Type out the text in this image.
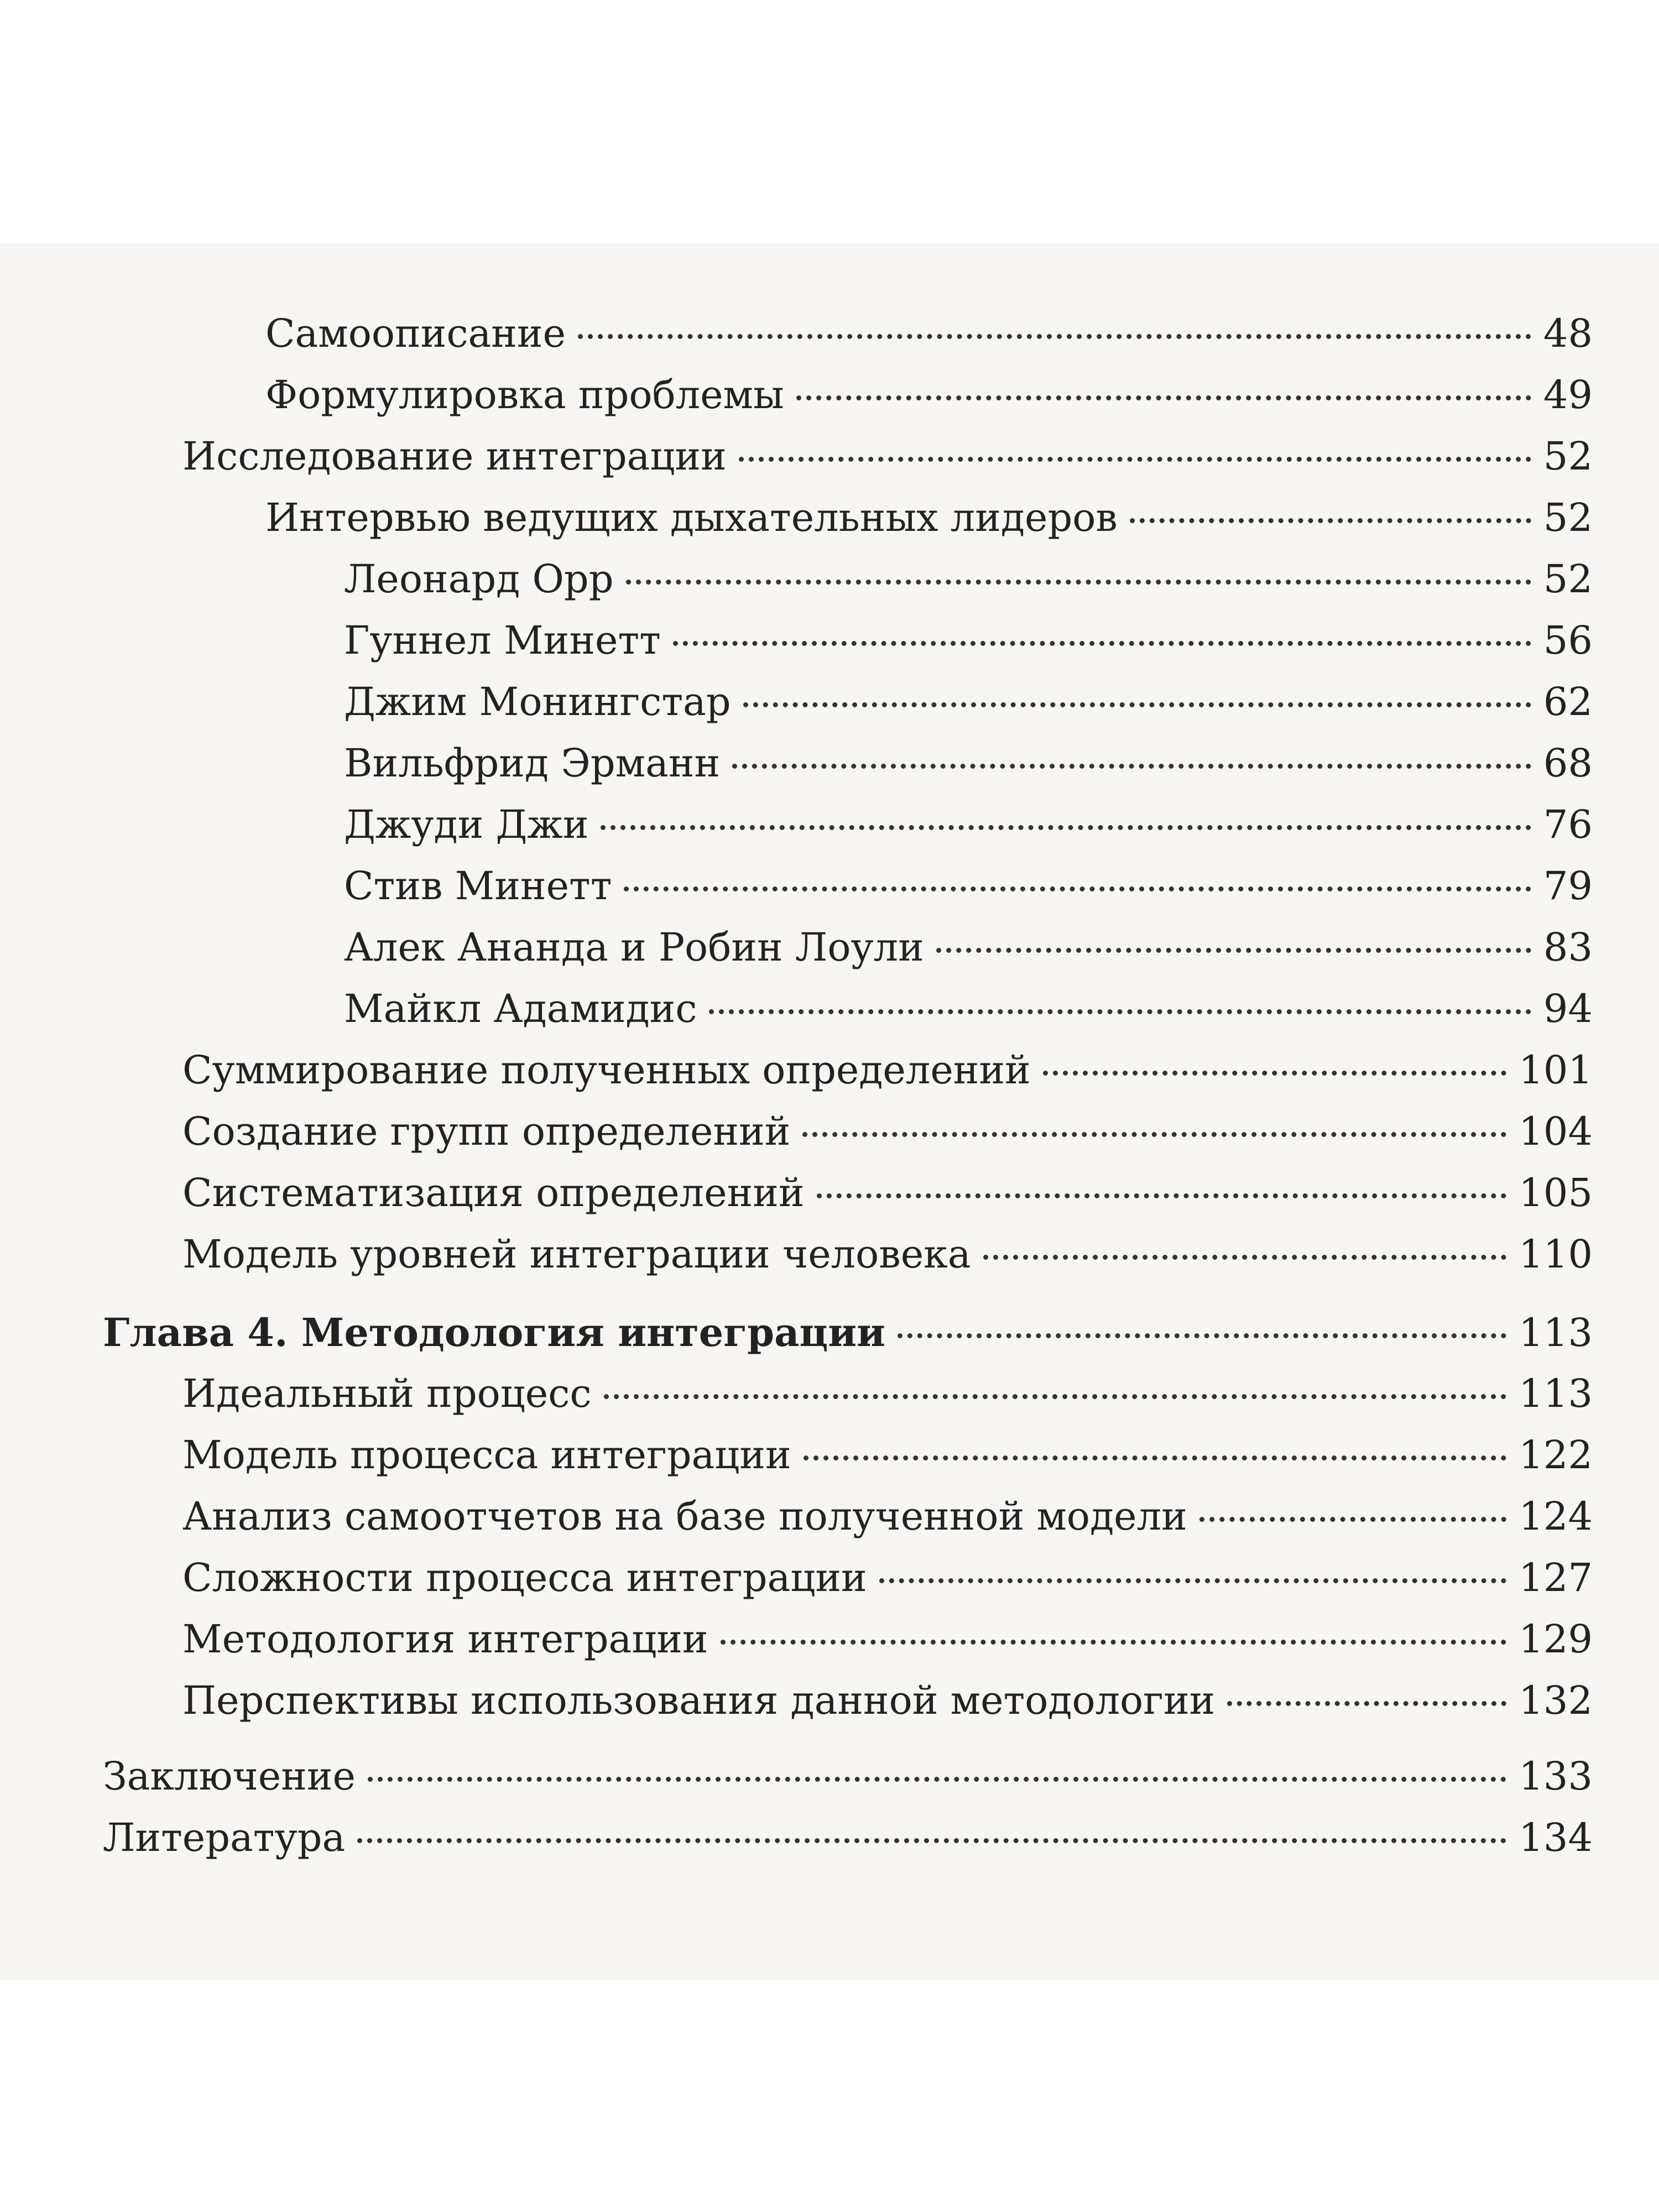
Самоописание	48
Формулировка проблемы	49
Исследование интеграции	52
Интервью ведущих дыхательных лидеров	52
Леонард Орр	52
Гуннел Минетт	56
Джим Монингстар	62
Вильфрид Эрманн	68
Джуди Джи	76
Стив Минетт	79
Алек Ананда и Робин Лоули	83
Майкл Адамидис	94
Суммирование полученных определений	101
Создание групп определений	104
Систематизация определений	105
Модель уровней интеграции человека	110
Глава 4. Методология интеграции	113
Идеальный процесс	113
Модель процесса интеграции	122
Анализ самоотчетов на базе полученной модели	124
Сложности процесса интеграции	127
Методология интеграции	129
Перспективы использования данной методологии	132
Заключение	133
Литература	134
